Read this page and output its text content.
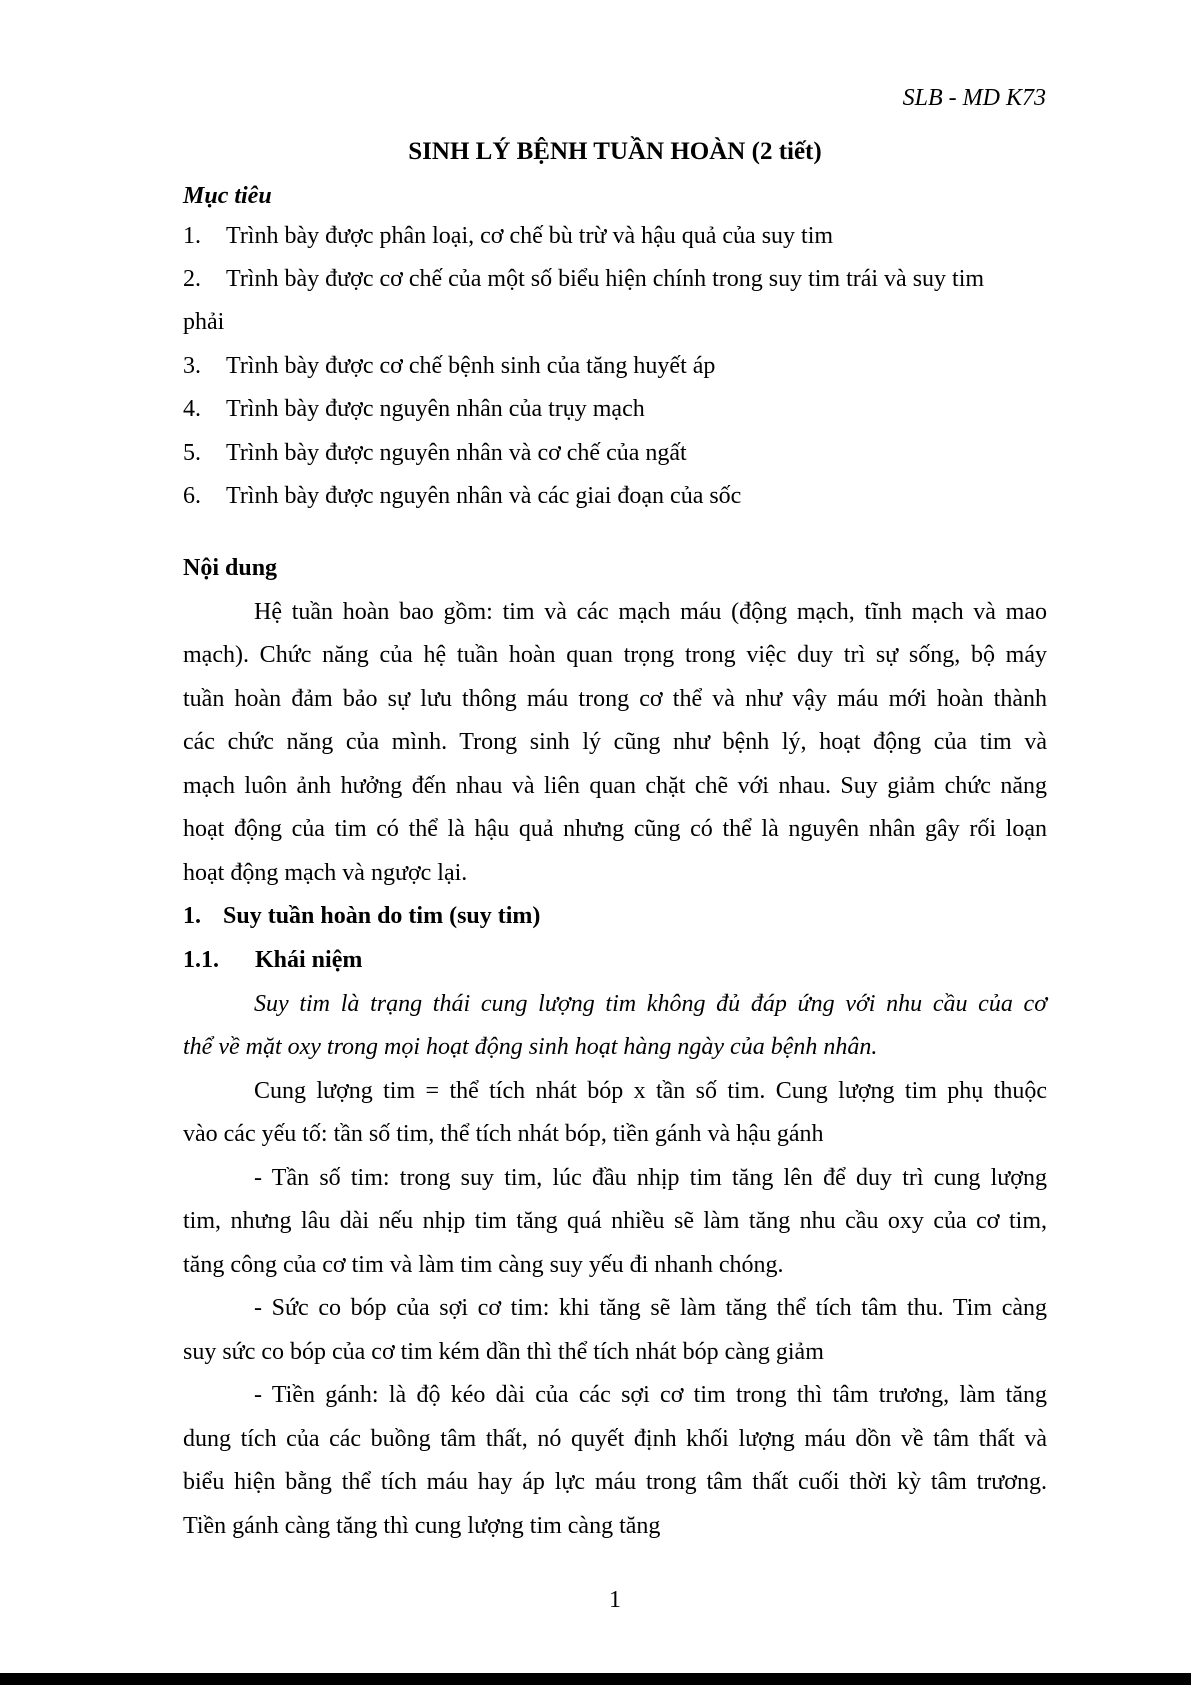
SLB - MD K73
SINH LÝ BỆNH TUẦN HOÀN (2 tiết)
Mục tiêu
1. Trình bày được phân loại, cơ chế bù trừ và hậu quả của suy tim
2. Trình bày được cơ chế của một số biểu hiện chính trong suy tim trái và suy tim
phải
3. Trình bày được cơ chế bệnh sinh của tăng huyết áp
4. Trình bày được nguyên nhân của trụy mạch
5. Trình bày được nguyên nhân và cơ chế của ngất
6. Trình bày được nguyên nhân và các giai đoạn của sốc
Nội dung
Hệ tuần hoàn bao gồm: tim và các mạch máu (động mạch, tĩnh mạch và mao
mạch). Chức năng của hệ tuần hoàn quan trọng trong việc duy trì sự sống, bộ máy
tuần hoàn đảm bảo sự lưu thông máu trong cơ thể và như vậy máu mới hoàn thành
các chức năng của mình. Trong sinh lý cũng như bệnh lý, hoạt động của tim và
mạch luôn ảnh hưởng đến nhau và liên quan chặt chẽ với nhau. Suy giảm chức năng
hoạt động của tim có thể là hậu quả nhưng cũng có thể là nguyên nhân gây rối loạn
hoạt động mạch và ngược lại.
1. Suy tuần hoàn do tim (suy tim)
1.1. Khái niệm
Suy tim là trạng thái cung lượng tim không đủ đáp ứng với nhu cầu của cơ
thể về mặt oxy trong mọi hoạt động sinh hoạt hàng ngày của bệnh nhân.
Cung lượng tim = thể tích nhát bóp x tần số tim. Cung lượng tim phụ thuộc
vào các yếu tố: tần số tim, thể tích nhát bóp, tiền gánh và hậu gánh
- Tần số tim: trong suy tim, lúc đầu nhịp tim tăng lên để duy trì cung lượng
tim, nhưng lâu dài nếu nhịp tim tăng quá nhiều sẽ làm tăng nhu cầu oxy của cơ tim,
tăng công của cơ tim và làm tim càng suy yếu đi nhanh chóng.
- Sức co bóp của sợi cơ tim: khi tăng sẽ làm tăng thể tích tâm thu. Tim càng
suy sức co bóp của cơ tim kém dần thì thể tích nhát bóp càng giảm
- Tiền gánh: là độ kéo dài của các sợi cơ tim trong thì tâm trương, làm tăng
dung tích của các buồng tâm thất, nó quyết định khối lượng máu dồn về tâm thất và
biểu hiện bằng thể tích máu hay áp lực máu trong tâm thất cuối thời kỳ tâm trương.
Tiền gánh càng tăng thì cung lượng tim càng tăng
1
